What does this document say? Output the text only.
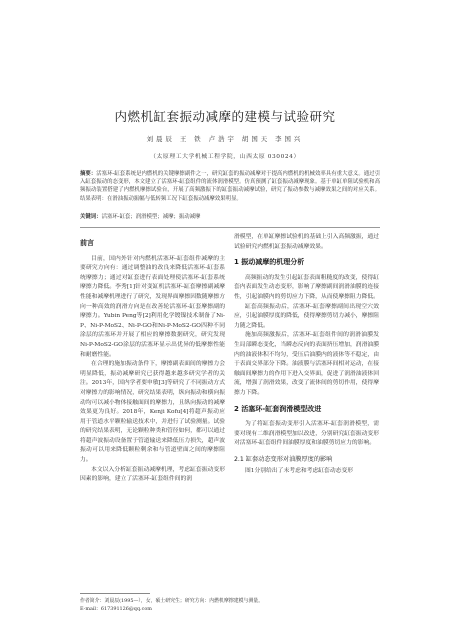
内燃机缸套振动减摩的建模与试验研究
刘晨辰 王 铁 卢浩宇 胡国天 李国兴
（太原理工大学机械工程学院，山西太原 030024）
摘要：活塞环-缸套系统是内燃机的关键摩擦副件之一，研究缸套的振动减摩对于提高内燃机的机械效率具有重大意义。通过引入缸套振动的态变形，本文建立了活塞环-缸套组件的流体润滑模型。仿真预测了缸套振动减摩现象。基于单缸单阻试验机和高频振动装置搭建了内燃机摩擦试验台，开展了高频激振下的缸套振动减摩试验，研究了振动参数与减摩效果之间的对应关系。结果表明：在滑油振动振幅与低转频工况下缸套振动减摩效果明显。
关键词：活塞环-缸套；润滑模型；减摩；振动减摩
前言

目前，国内外针对内燃机活塞环-缸套组件减摩的主要研究方向有：通过调整油的改良来降低活塞环-缸套系统摩擦力；通过对缸套进行表面处理使活塞环-缸套系统摩擦力降低。李秀[1]针对变缸机活塞环-缸套摩擦副减摩性能和减摩机理进行了研究，发现界面摩擦因数随摩擦方向一种高效的润滑方向是在改善轮活塞环-缸套摩擦副的摩擦力。Yubin Peng等[2]利用化学镀镍技术制备了Ni-P、Ni-P-MoS2、Ni-P-GO和Ni-P-MoS2-GO四种不同涂层的活塞环并开展了相应的摩擦数据研究，研究发现Ni-P-MoS2-GO涂层的活塞环显示出优异的低摩擦性能和耐磨性能。

在合理的施加振动条件下，摩擦副表面间的摩擦力会明显降低，振动减摩研究已获得越来越多研究学者的关注。2013年，国内学者要申敏[3]等研究了不同振动方式对摩擦力的影响情况，研究结果表明，纵向振动和横向振动均可以减小物体接触面间的摩擦力，且纵向振动的减摩效果更为良好。2018年，Kenji Kofu[4]将超声振动应用于管道水平颗粒输送技术中，并进行了试验测量。试验的研究结果表明，无论颗粒种类和管径如何，都可以通过将超声波振动设备置于管道输送来降低压力损失，超声波振动可以用来降低颗粒剩余和与管道壁面之间的摩擦阻力。

本文以入分析缸套振动减摩机理，考虑缸套振动变形因素的影响，建立了活塞环-缸套组件间的润

滑模型，在单缸摩擦试验机的基础上引入高频激振，通过试验研究内燃机缸套振动减摩效果。

1 振动减摩的机理分析

高频振动的发生引起缸套表面粗糙度的改变，使得缸套内表面发生动态变形，影响了摩擦副间润滑油膜的连接性，引起油膜内的剪切应力下降，从而使摩擦阻力降低。

缸套高频振动后，活塞环-缸套摩擦副间出现空穴效应，引起油膜厚度的降低，使得摩擦剪切力减小，摩擦阻力随之降低。

施加高频激振后，活塞环-缸套组件间的润滑油膜发生局部瞬态变化，当瞬态反向的表面挤压增加，润滑油膜内的油液体积不均匀，受压后油膜内的液体等不稳定，由于表面交界部分下降。油液膜与活塞环间相对运动，在接触面间摩擦力的作用下进入交界面，促进了润滑油液体回流，增强了润滑效果，改变了流体间的剪切作用，使得摩擦力下降。

2 活塞环-缸套润滑模型改进

为了将缸套振动变形引入活塞环-缸套润滑模型，需要对现有二维润滑模型加以改进，分别研究缸套振动变形对活塞环-缸套组件间油膜厚度和油膜剪切应力的影响。

2.1 缸套动态变形对油膜厚度的影响

图1分别给出了未考虑和考虑缸套动态变形

作者简介：刘晨辰(1995—），女，硕士研究生；研究方向：内燃机摩擦建模与测量。
E-mail：617391126@qq.com
